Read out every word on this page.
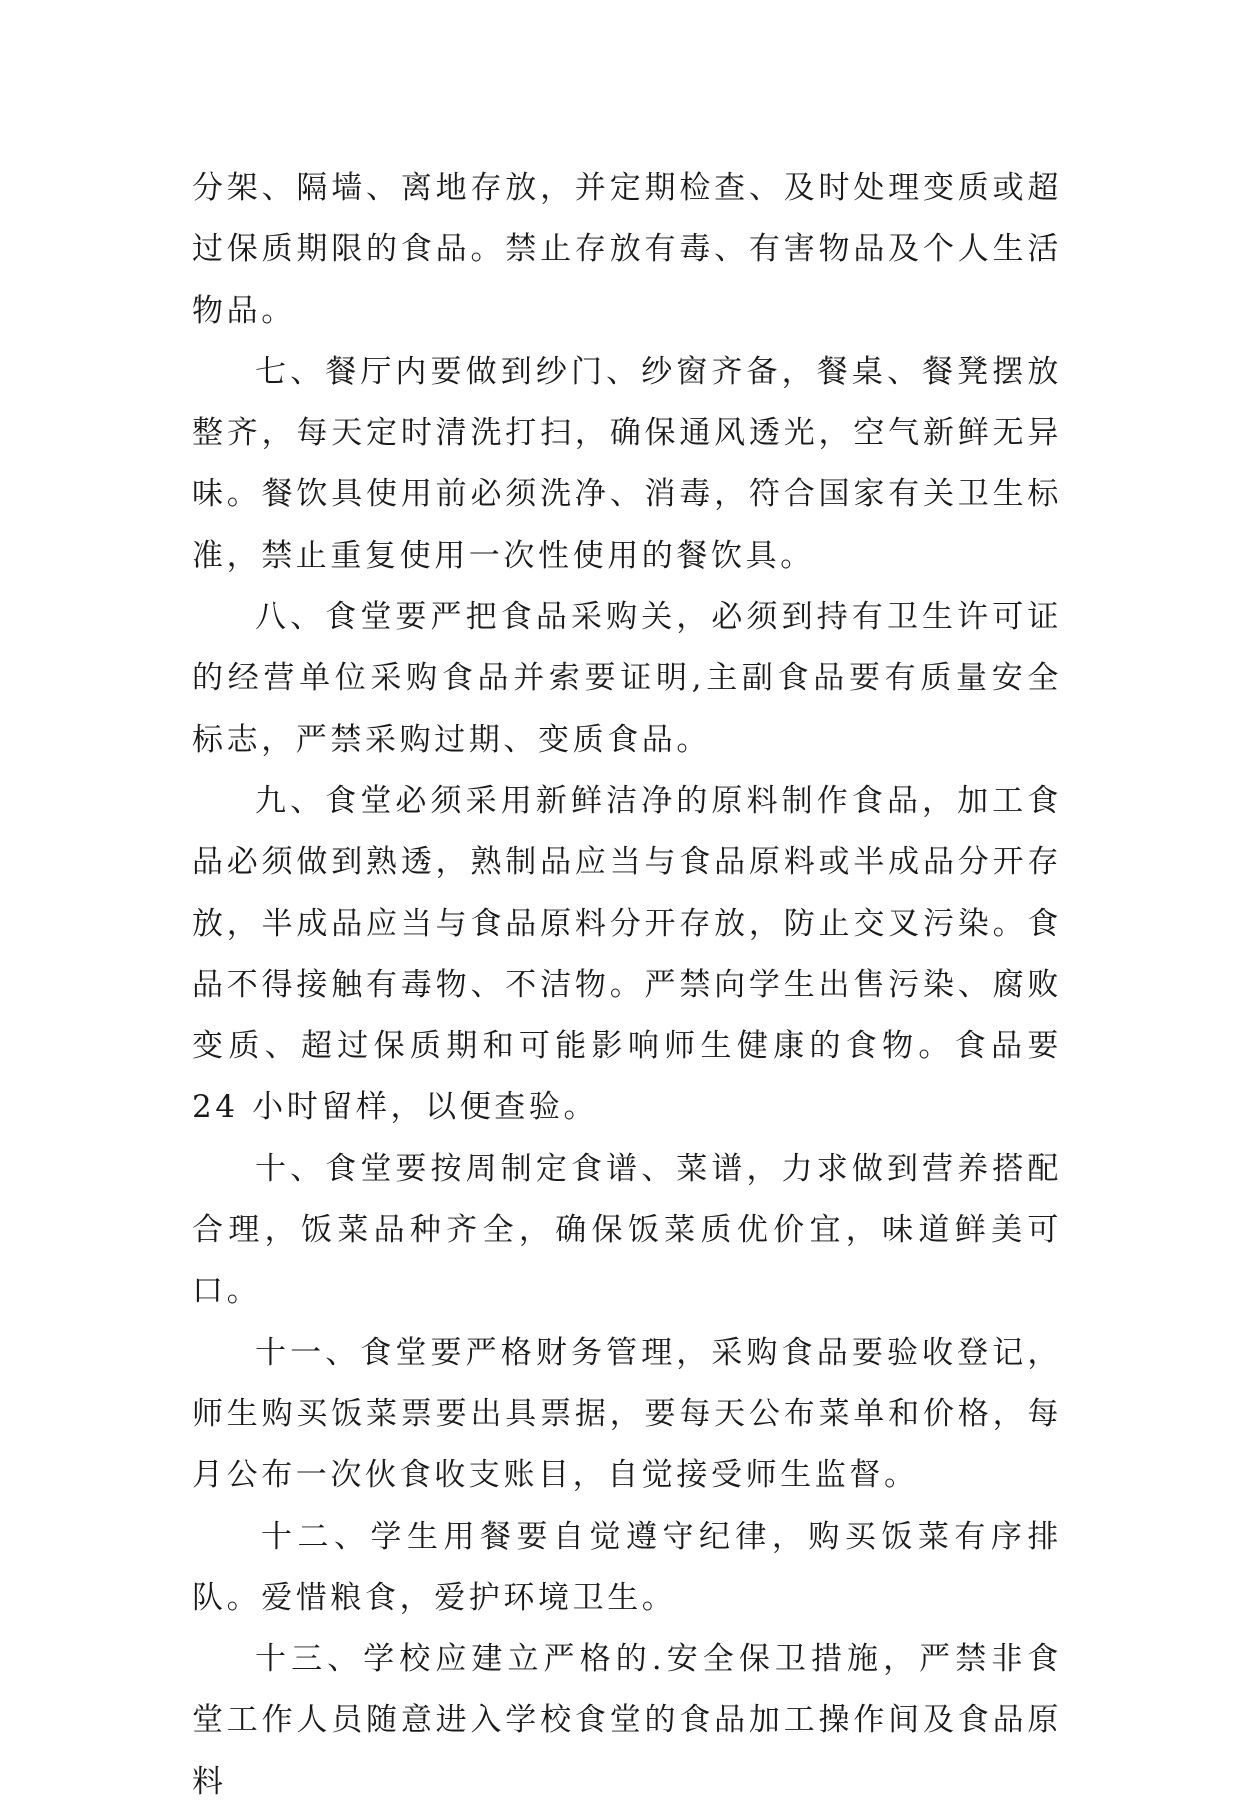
分架、隔墙、离地存放，并定期检查、及时处理变质或超过保质期限的食品。禁止存放有毒、有害物品及个人生活物品。

七、餐厅内要做到纱门、纱窗齐备，餐桌、餐凳摆放整齐，每天定时清洗打扫，确保通风透光，空气新鲜无异味。餐饮具使用前必须洗净、消毒，符合国家有关卫生标准，禁止重复使用一次性使用的餐饮具。

八、食堂要严把食品采购关，必须到持有卫生许可证的经营单位采购食品并索要证明,主副食品要有质量安全标志，严禁采购过期、变质食品。

九、食堂必须采用新鲜洁净的原料制作食品，加工食品必须做到熟透，熟制品应当与食品原料或半成品分开存放，半成品应当与食品原料分开存放，防止交叉污染。食品不得接触有毒物、不洁物。严禁向学生出售污染、腐败变质、超过保质期和可能影响师生健康的食物。食品要 24 小时留样，以便查验。

十、食堂要按周制定食谱、菜谱，力求做到营养搭配合理，饭菜品种齐全，确保饭菜质优价宜，味道鲜美可口。

十一、食堂要严格财务管理，采购食品要验收登记，师生购买饭菜票要出具票据，要每天公布菜单和价格，每月公布一次伙食收支账目，自觉接受师生监督。

十二、学生用餐要自觉遵守纪律，购买饭菜有序排队。爱惜粮食，爱护环境卫生。

十三、学校应建立严格的.安全保卫措施，严禁非食堂工作人员随意进入学校食堂的食品加工操作间及食品原料
